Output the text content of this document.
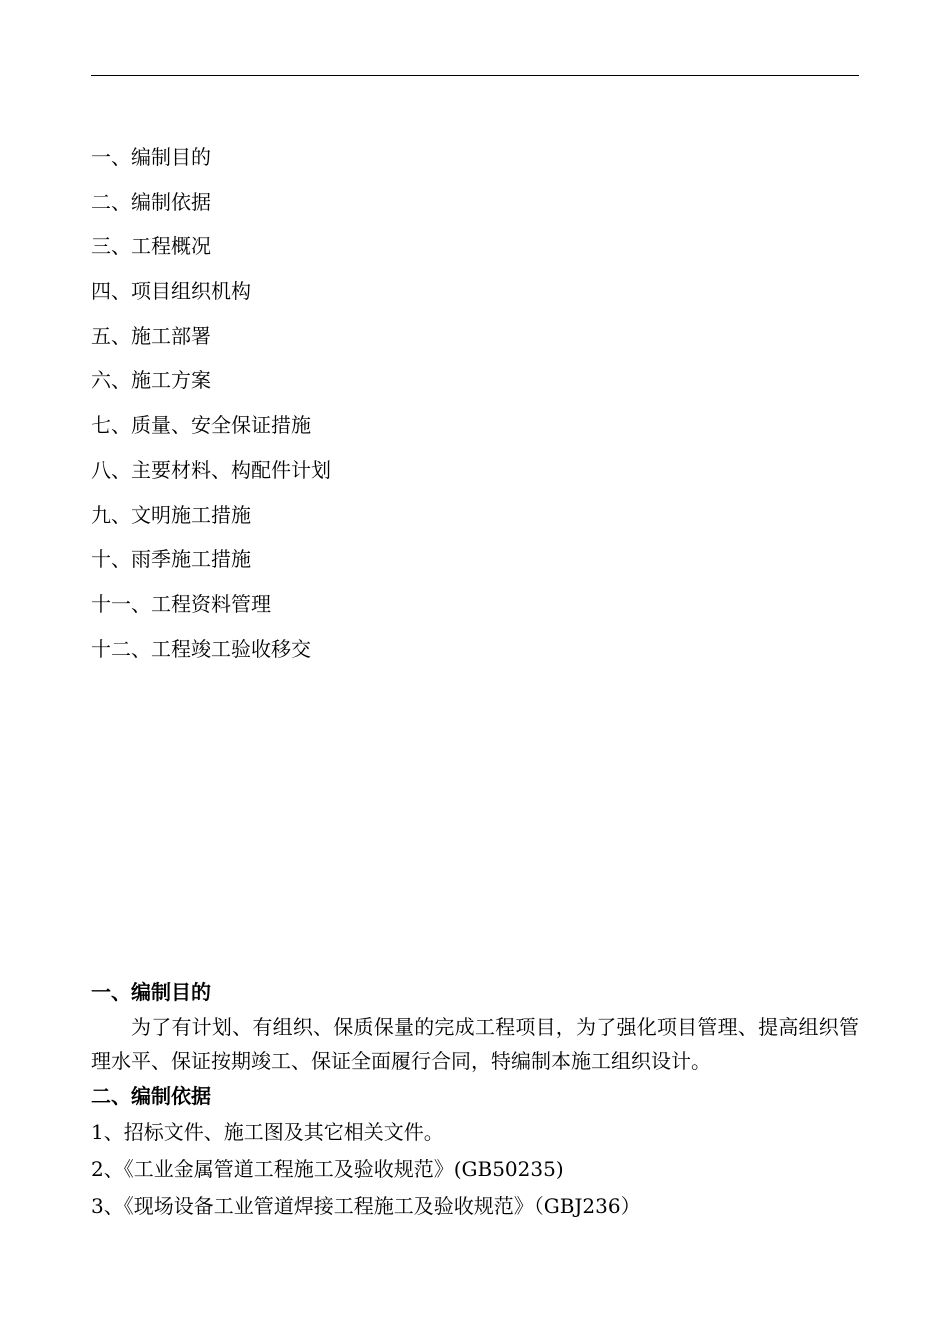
一、编制目的
二、编制依据
三、工程概况
四、项目组织机构
五、施工部署
六、施工方案
七、质量、安全保证措施
八、主要材料、构配件计划
九、文明施工措施
十、雨季施工措施
十一、工程资料管理
十二、工程竣工验收移交
一、编制目的

为了有计划、有组织、保质保量的完成工程项目，为了强化项目管理、提高组织管理水平、保证按期竣工、保证全面履行合同，特编制本施工组织设计。

二、编制依据
1、招标文件、施工图及其它相关文件。
2、《工业金属管道工程施工及验收规范》(GB50235)
3、《现场设备工业管道焊接工程施工及验收规范》（GBJ236）
